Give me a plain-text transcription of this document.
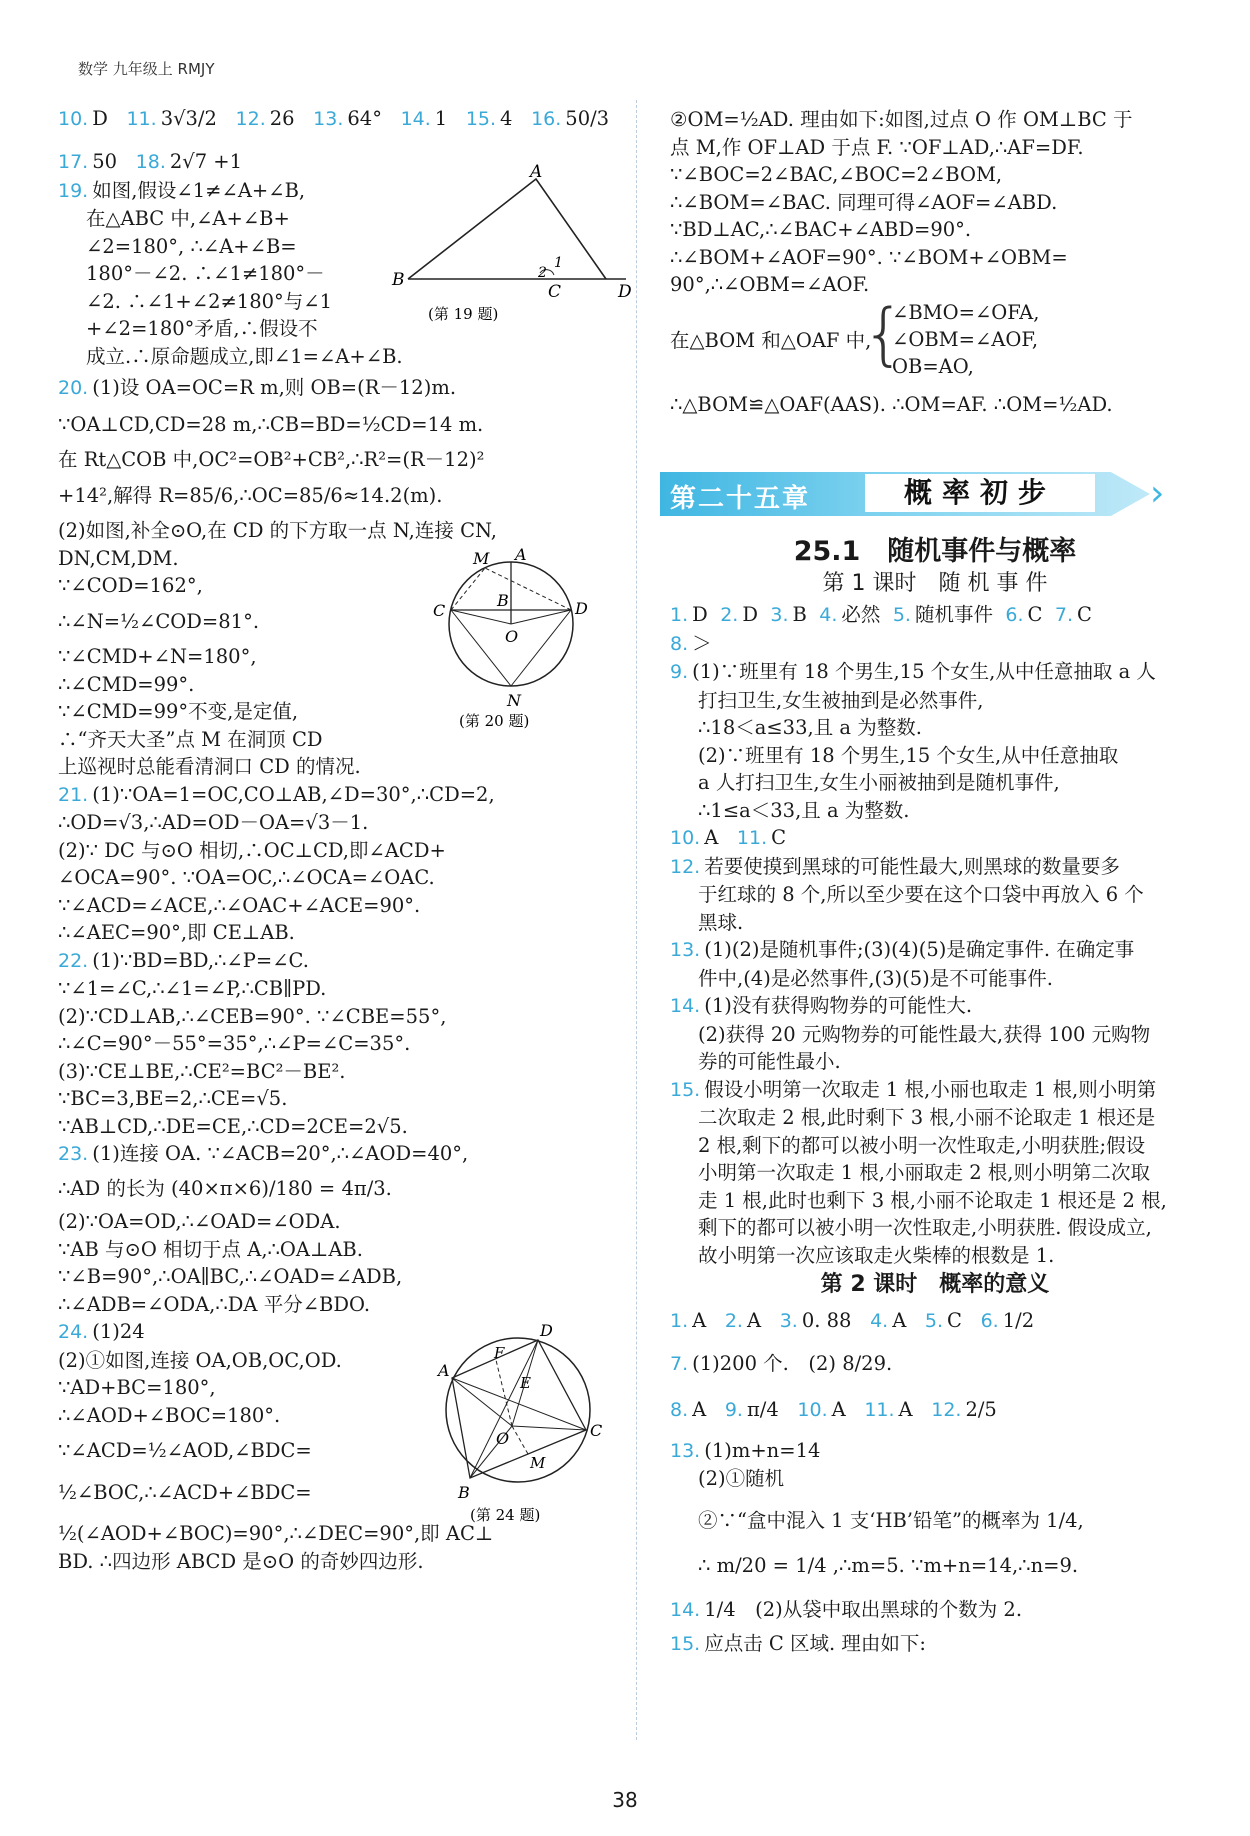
数学 九年级上 RMJY
10. D 11. 3√3/2 12. 26 13. 64° 14. 1 15. 4 16. 50/3
17. 50 18. 2√7 +1
19. 如图,假设∠1≠∠A+∠B,
在△ABC 中,∠A+∠B+
∠2=180°, ∴∠A+∠B=
180°－∠2. ∴∠1≠180°－
∠2. ∴∠1+∠2≠180°与∠1
+∠2=180°矛盾,∴假设不
成立.∴原命题成立,即∠1=∠A+∠B.
A
B
C	D
1
2
(第 19 题)
20. (1)设 OA=OC=R m,则 OB=(R－12)m.
∵OA⊥CD,CD=28 m,∴CB=BD=½CD=14 m.
在 Rt△COB 中,OC²=OB²+CB²,∴R²=(R－12)²
+14²,解得 R=85/6,∴OC=85/6≈14.2(m).
(2)如图,补全⊙O,在 CD 的下方取一点 N,连接 CN,
DN,CM,DM.
∵∠COD=162°,
∴∠N=½∠COD=81°.
∵∠CMD+∠N=180°,
∴∠CMD=99°.
∵∠CMD=99°不变,是定值,
∴“齐天大圣”点 M 在洞顶 CD
上巡视时总能看清洞口 CD 的情况.
M A
C
B	D
O
N
(第 20 题)
21. (1)∵OA=1=OC,CO⊥AB,∠D=30°,∴CD=2,
∴OD=√3,∴AD=OD－OA=√3－1.
(2)∵ DC 与⊙O 相切,∴OC⊥CD,即∠ACD+
∠OCA=90°. ∵OA=OC,∴∠OCA=∠OAC.
∵∠ACD=∠ACE,∴∠OAC+∠ACE=90°.
∴∠AEC=90°,即 CE⊥AB.
22. (1)∵BD=BD,∴∠P=∠C.
∵∠1=∠C,∴∠1=∠P,∴CB∥PD.
(2)∵CD⊥AB,∴∠CEB=90°. ∵∠CBE=55°,
∴∠C=90°－55°=35°,∴∠P=∠C=35°.
(3)∵CE⊥BE,∴CE²=BC²－BE².
∵BC=3,BE=2,∴CE=√5.
∵AB⊥CD,∴DE=CE,∴CD=2CE=2√5.
23. (1)连接 OA. ∵∠ACB=20°,∴∠AOD=40°,
∴AD 的长为 (40×π×6)/180 = 4π/3.
(2)∵OA=OD,∴∠OAD=∠ODA.
∵AB 与⊙O 相切于点 A,∴OA⊥AB.
∵∠B=90°,∴OA∥BC,∴∠OAD=∠ADB,
∴∠ADB=∠ODA,∴DA 平分∠BDO.
24. (1)24
(2)①如图,连接 OA,OB,OC,OD.
∵AD+BC=180°,
∴∠AOD+∠BOC=180°.
∵∠ACD=½∠AOD,∠BDC=
½∠BOC,∴∠ACD+∠BDC=
½(∠AOD+∠BOC)=90°,∴∠DEC=90°,即 AC⊥
BD. ∴四边形 ABCD 是⊙O 的奇妙四边形.
A
D
F
E
C
O
M
B
(第 24 题)
②OM=½AD. 理由如下:如图,过点 O 作 OM⊥BC 于
点 M,作 OF⊥AD 于点 F. ∵OF⊥AD,∴AF=DF.
∵∠BOC=2∠BAC,∠BOC=2∠BOM,
∴∠BOM=∠BAC. 同理可得∠AOF=∠ABD.
∵BD⊥AC,∴∠BAC+∠ABD=90°.
∴∠BOM+∠AOF=90°. ∵∠BOM+∠OBM=
90°,∴∠OBM=∠AOF.
在△BOM 和△OAF 中,
{
∠BMO=∠OFA,
∠OBM=∠AOF,
OB=AO,
∴△BOM≌△OAF(AAS). ∴OM=AF. ∴OM=½AD.
第二十五章	概率初步	›
25.1　随机事件与概率
第 1 课时　随 机 事 件
1. D 2. D 3. B 4. 必然 5. 随机事件 6. C 7. C
8. ＞
9. (1)∵班里有 18 个男生,15 个女生,从中任意抽取 a 人
打扫卫生,女生被抽到是必然事件,
∴18＜a≤33,且 a 为整数.
(2)∵班里有 18 个男生,15 个女生,从中任意抽取
a 人打扫卫生,女生小丽被抽到是随机事件,
∴1≤a＜33,且 a 为整数.
10. A 11. C
12. 若要使摸到黑球的可能性最大,则黑球的数量要多
于红球的 8 个,所以至少要在这个口袋中再放入 6 个
黑球.
13. (1)(2)是随机事件;(3)(4)(5)是确定事件. 在确定事
件中,(4)是必然事件,(3)(5)是不可能事件.
14. (1)没有获得购物券的可能性大.
(2)获得 20 元购物券的可能性最大,获得 100 元购物
券的可能性最小.
15. 假设小明第一次取走 1 根,小丽也取走 1 根,则小明第
二次取走 2 根,此时剩下 3 根,小丽不论取走 1 根还是
2 根,剩下的都可以被小明一次性取走,小明获胜;假设
小明第一次取走 1 根,小丽取走 2 根,则小明第二次取
走 1 根,此时也剩下 3 根,小丽不论取走 1 根还是 2 根,
剩下的都可以被小明一次性取走,小明获胜. 假设成立,
故小明第一次应该取走火柴棒的根数是 1.
第 2 课时　概率的意义
1. A 2. A 3. 0. 88 4. A 5. C 6. 1/2
7. (1)200 个.　(2) 8/29.
8. A 9. π/4 10. A 11. A 12. 2/5
13. (1)m+n=14
(2)①随机
②∵“盒中混入 1 支‘HB’铅笔”的概率为 1/4,
∴ m/20 = 1/4 ,∴m=5. ∵m+n=14,∴n=9.
14. 1/4　(2)从袋中取出黑球的个数为 2.
15. 应点击 C 区域. 理由如下:
38
